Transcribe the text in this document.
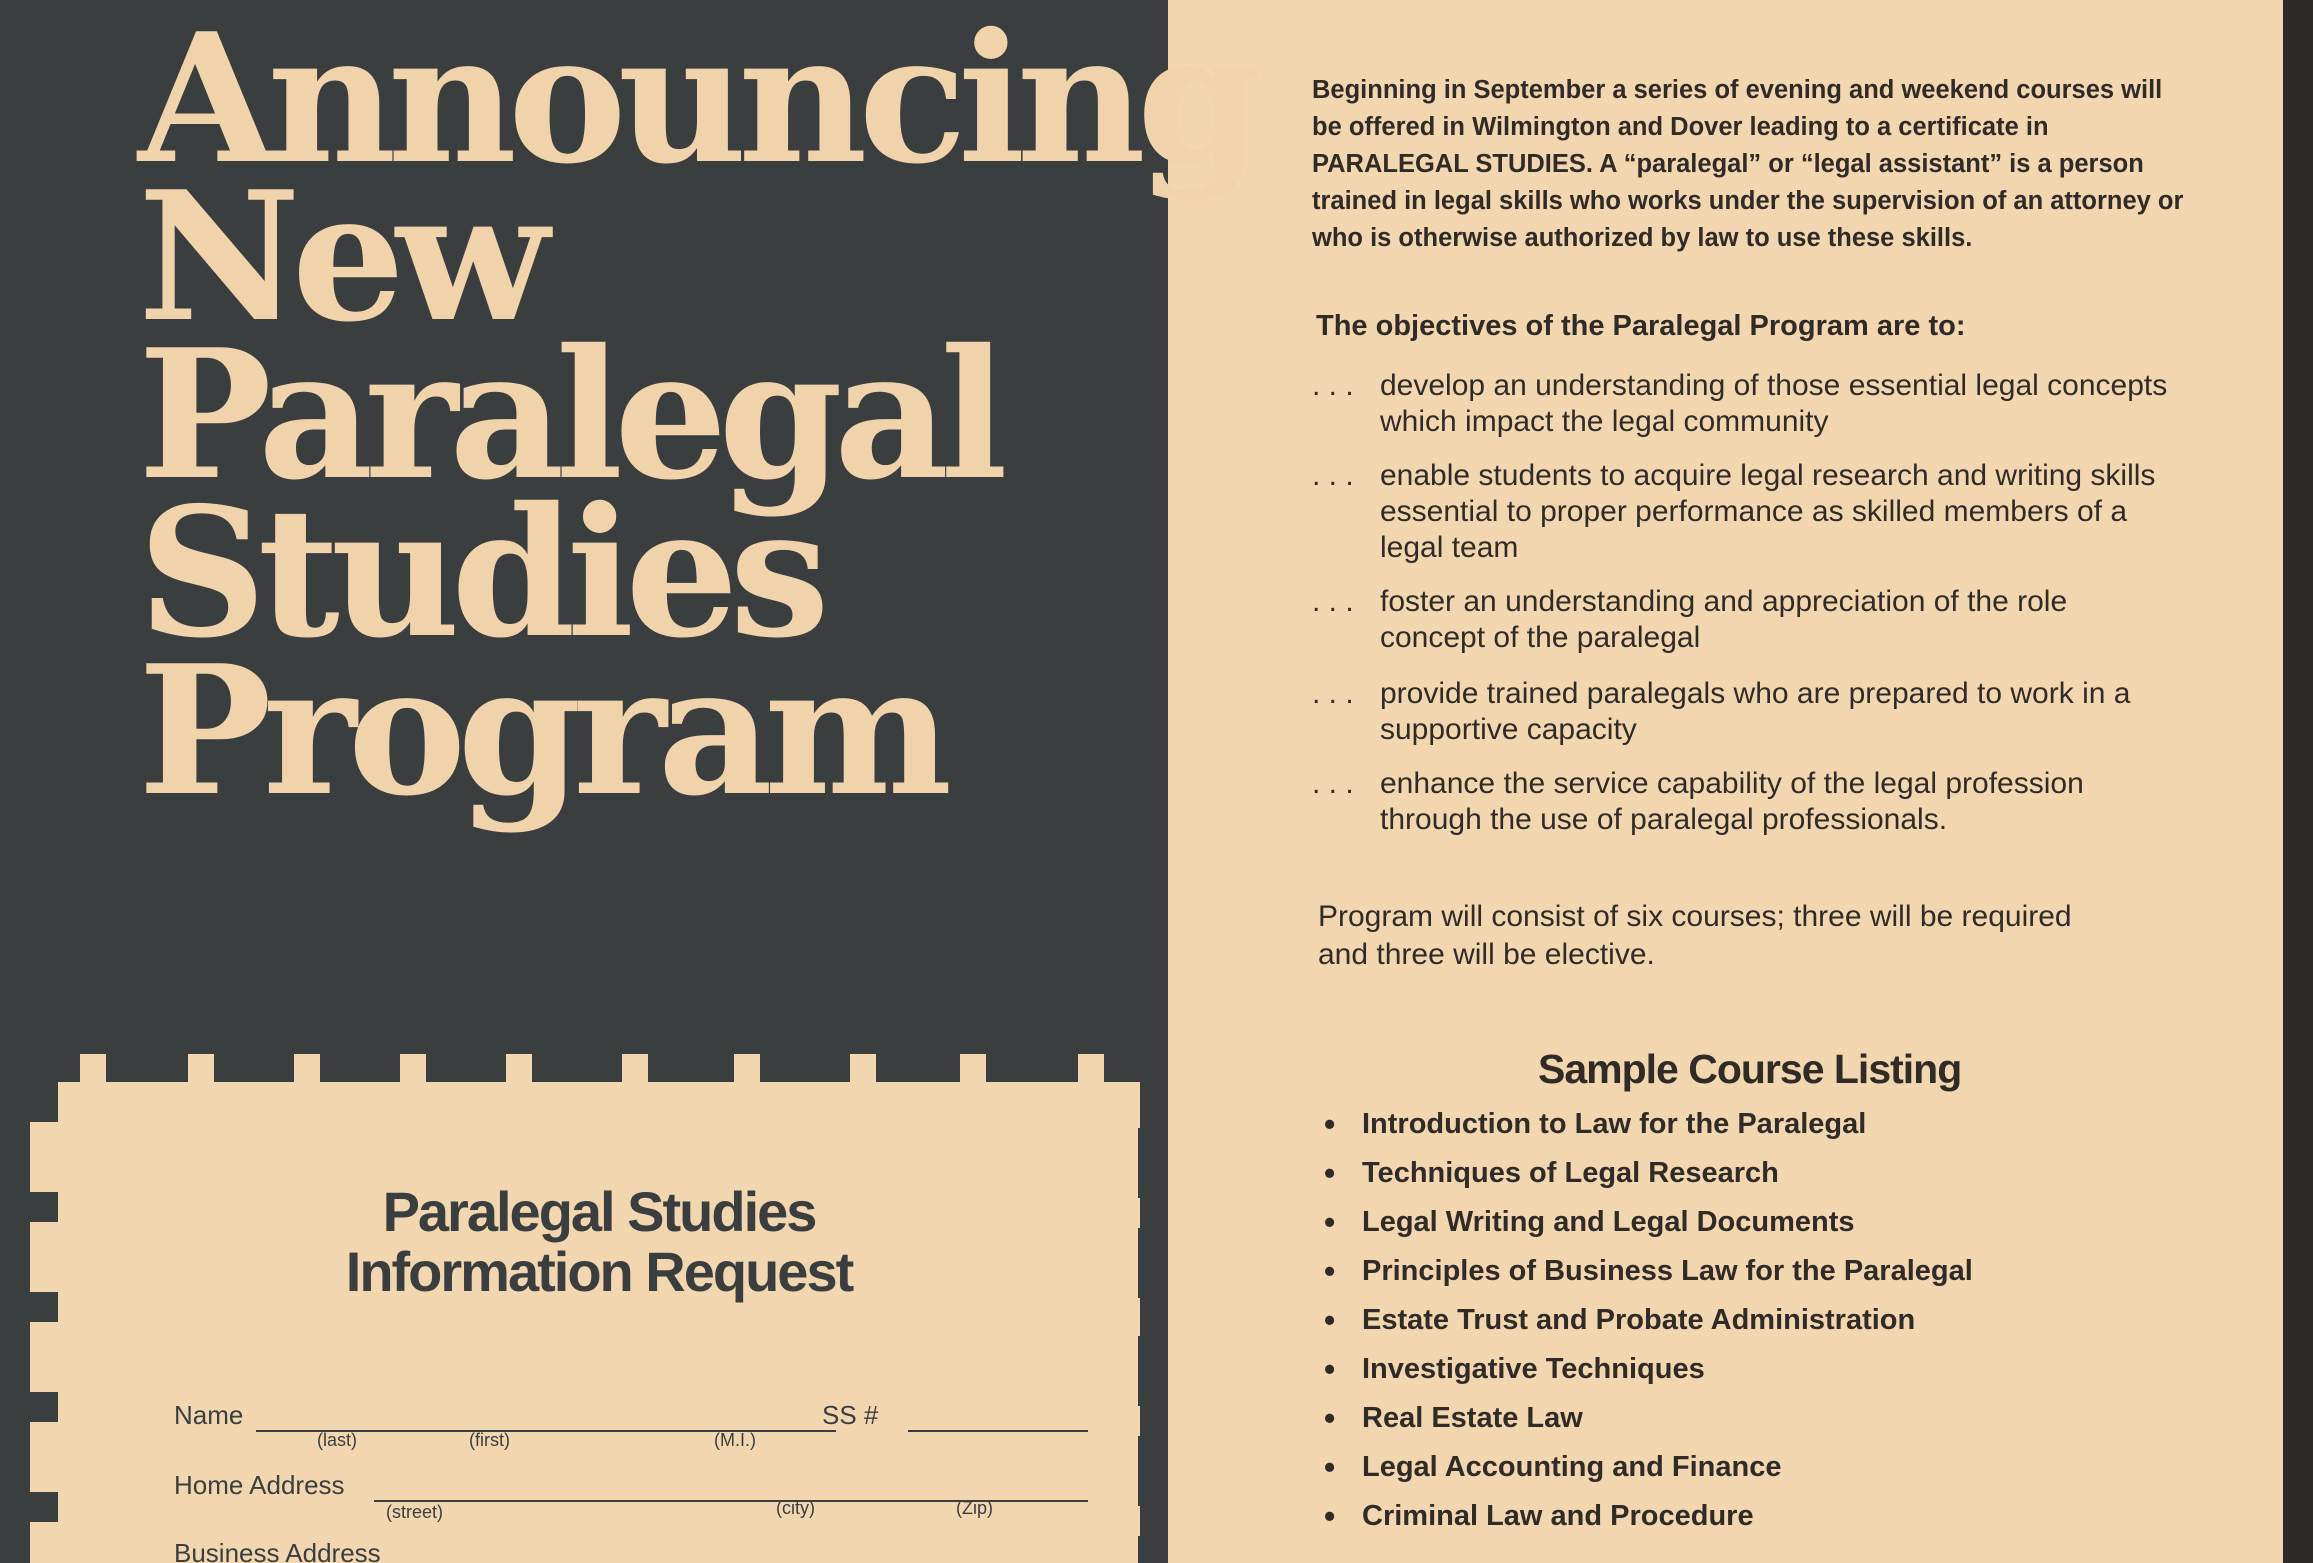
Announcing
New
Paralegal
Studies
Program
Paralegal Studies
Information Request
Name	SS #
(last)	(first)	(M.I.)
Home Address
(street)	(city)	(Zip)
Business Address

Beginning in September a series of evening and weekend courses will be offered in Wilmington and Dover leading to a certificate in PARALEGAL STUDIES. A “paralegal” or “legal assistant” is a person trained in legal skills who works under the supervision of an attorney or who is otherwise authorized by law to use these skills.

The objectives of the Paralegal Program are to:
. . . develop an understanding of those essential legal concepts which impact the legal community
. . . enable students to acquire legal research and writing skills essential to proper performance as skilled members of a legal team
. . . foster an understanding and appreciation of the role concept of the paralegal
. . . provide trained paralegals who are prepared to work in a supportive capacity
. . . enhance the service capability of the legal profession through the use of paralegal professionals.

Program will consist of six courses; three will be required and three will be elective.

Sample Course Listing
• Introduction to Law for the Paralegal
• Techniques of Legal Research
• Legal Writing and Legal Documents
• Principles of Business Law for the Paralegal
• Estate Trust and Probate Administration
• Investigative Techniques
• Real Estate Law
• Legal Accounting and Finance
• Criminal Law and Procedure
